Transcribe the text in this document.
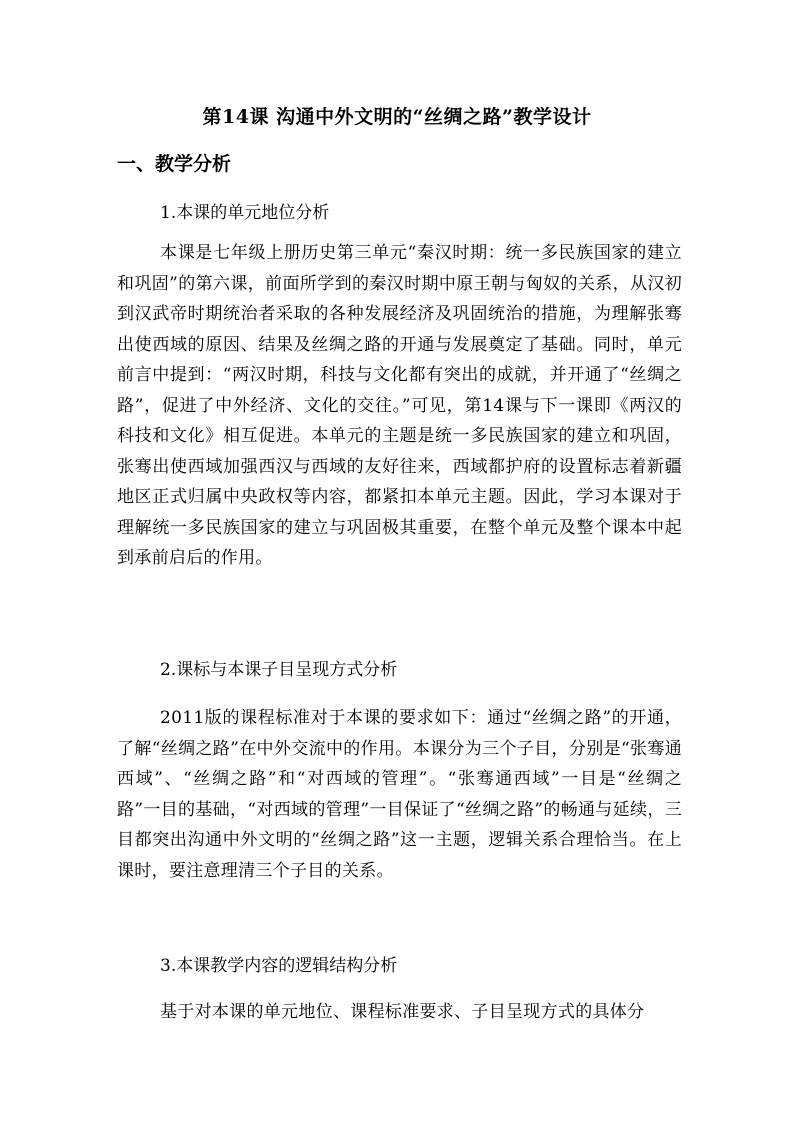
第14课 沟通中外文明的“丝绸之路”教学设计
一、教学分析
1.本课的单元地位分析

本课是七年级上册历史第三单元“秦汉时期：统一多民族国家的建立和巩固”的第六课，前面所学到的秦汉时期中原王朝与匈奴的关系，从汉初到汉武帝时期统治者采取的各种发展经济及巩固统治的措施，为理解张骞出使西域的原因、结果及丝绸之路的开通与发展奠定了基础。同时，单元前言中提到：“两汉时期，科技与文化都有突出的成就，并开通了“丝绸之路”，促进了中外经济、文化的交往。”可见，第14课与下一课即《两汉的科技和文化》相互促进。本单元的主题是统一多民族国家的建立和巩固，张骞出使西域加强西汉与西域的友好往来，西域都护府的设置标志着新疆地区正式归属中央政权等内容，都紧扣本单元主题。因此，学习本课对于理解统一多民族国家的建立与巩固极其重要，在整个单元及整个课本中起到承前启后的作用。

2.课标与本课子目呈现方式分析

2011版的课程标准对于本课的要求如下：通过“丝绸之路”的开通，了解“丝绸之路”在中外交流中的作用。本课分为三个子目，分别是“张骞通西域”、“丝绸之路”和“对西域的管理”。“张骞通西域”一目是“丝绸之路”一目的基础，“对西域的管理”一目保证了“丝绸之路”的畅通与延续，三目都突出沟通中外文明的“丝绸之路”这一主题，逻辑关系合理恰当。在上课时，要注意理清三个子目的关系。

3.本课教学内容的逻辑结构分析

基于对本课的单元地位、课程标准要求、子目呈现方式的具体分
